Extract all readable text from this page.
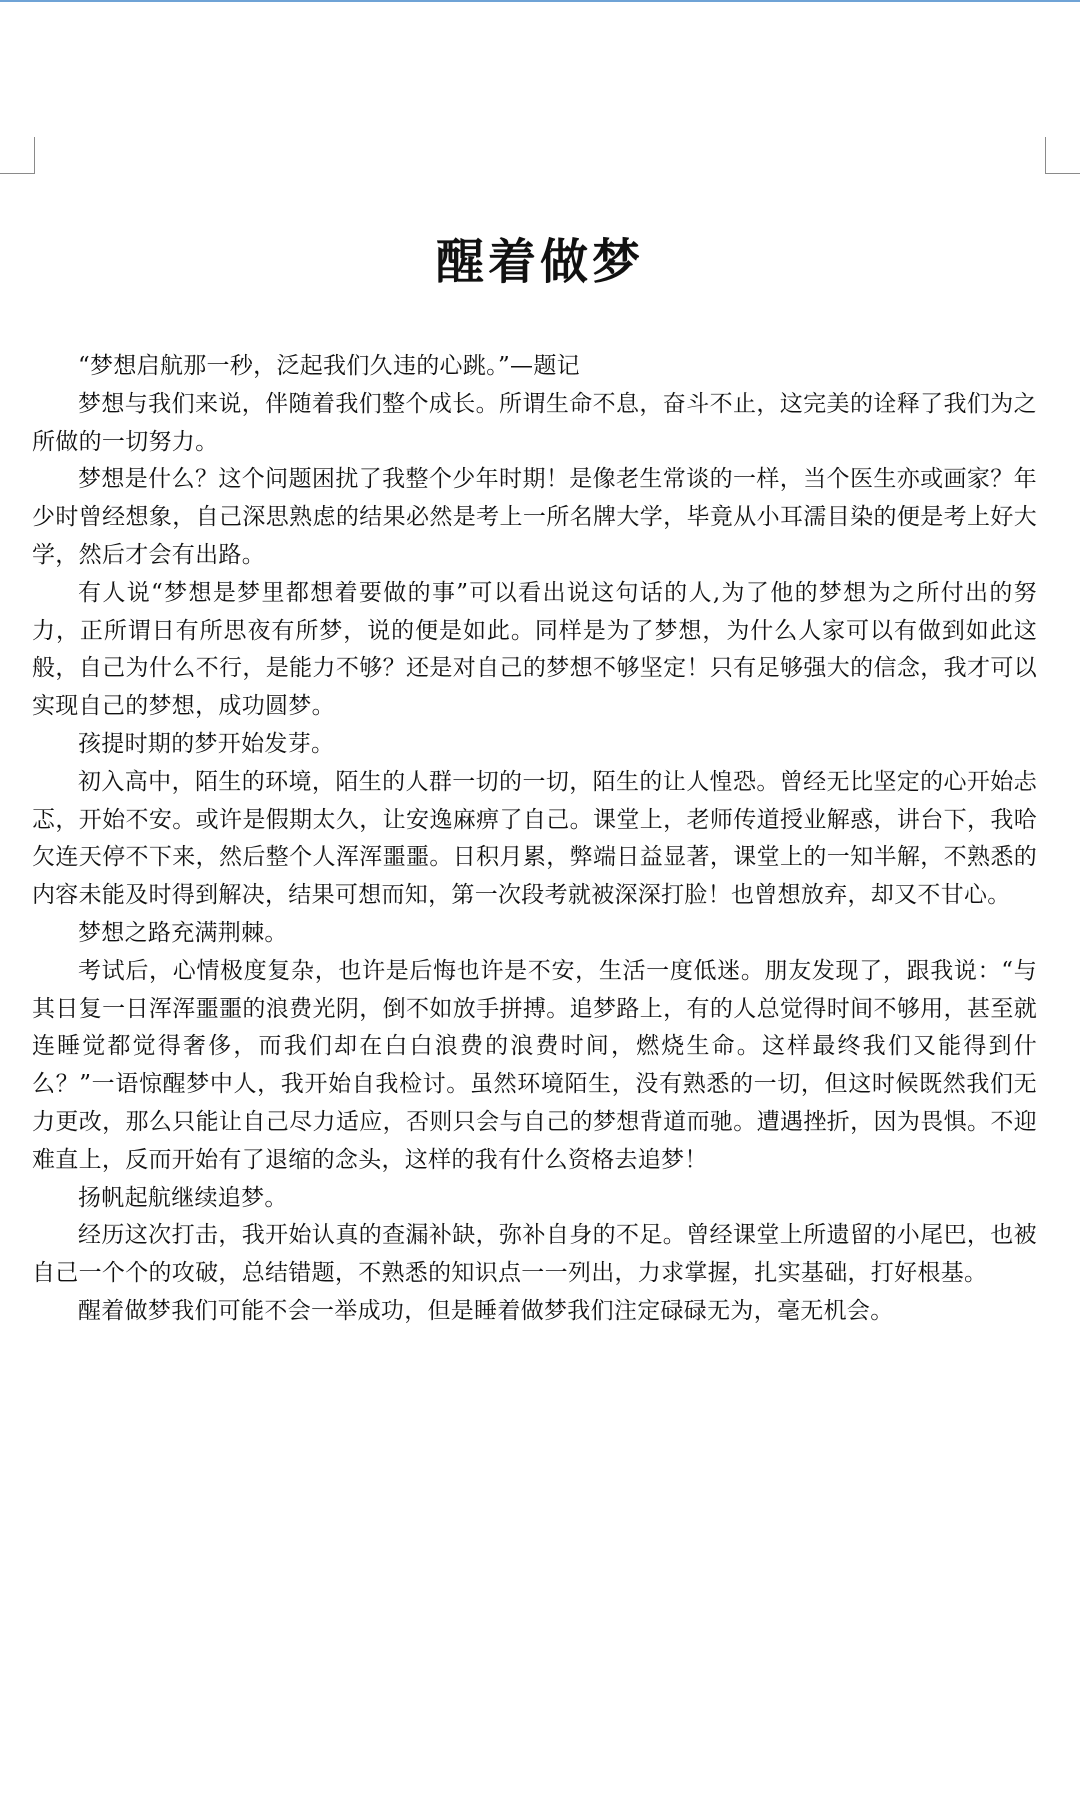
醒着做梦

“梦想启航那一秒，泛起我们久违的心跳。”—题记

梦想与我们来说，伴随着我们整个成长。所谓生命不息，奋斗不止，这完美的诠释了我们为之所做的一切努力。

梦想是什么？这个问题困扰了我整个少年时期！是像老生常谈的一样，当个医生亦或画家？年少时曾经想象，自己深思熟虑的结果必然是考上一所名牌大学，毕竟从小耳濡目染的便是考上好大学，然后才会有出路。

有人说“梦想是梦里都想着要做的事”可以看出说这句话的人,为了他的梦想为之所付出的努力，正所谓日有所思夜有所梦，说的便是如此。同样是为了梦想，为什么人家可以有做到如此这般，自己为什么不行，是能力不够？还是对自己的梦想不够坚定！只有足够强大的信念，我才可以实现自己的梦想，成功圆梦。

孩提时期的梦开始发芽。

初入高中，陌生的环境，陌生的人群一切的一切，陌生的让人惶恐。曾经无比坚定的心开始忐忑，开始不安。或许是假期太久，让安逸麻痹了自己。课堂上，老师传道授业解惑，讲台下，我哈欠连天停不下来，然后整个人浑浑噩噩。日积月累，弊端日益显著，课堂上的一知半解，不熟悉的内容未能及时得到解决，结果可想而知，第一次段考就被深深打脸！也曾想放弃，却又不甘心。

梦想之路充满荆棘。

考试后，心情极度复杂，也许是后悔也许是不安，生活一度低迷。朋友发现了，跟我说：“与其日复一日浑浑噩噩的浪费光阴，倒不如放手拼搏。追梦路上，有的人总觉得时间不够用，甚至就连睡觉都觉得奢侈，而我们却在白白浪费的浪费时间，燃烧生命。这样最终我们又能得到什么？”一语惊醒梦中人，我开始自我检讨。虽然环境陌生，没有熟悉的一切，但这时候既然我们无力更改，那么只能让自己尽力适应，否则只会与自己的梦想背道而驰。遭遇挫折，因为畏惧。不迎难直上，反而开始有了退缩的念头，这样的我有什么资格去追梦！

扬帆起航继续追梦。

经历这次打击，我开始认真的查漏补缺，弥补自身的不足。曾经课堂上所遗留的小尾巴，也被自己一个个的攻破，总结错题，不熟悉的知识点一一列出，力求掌握，扎实基础，打好根基。

醒着做梦我们可能不会一举成功，但是睡着做梦我们注定碌碌无为，毫无机会。
